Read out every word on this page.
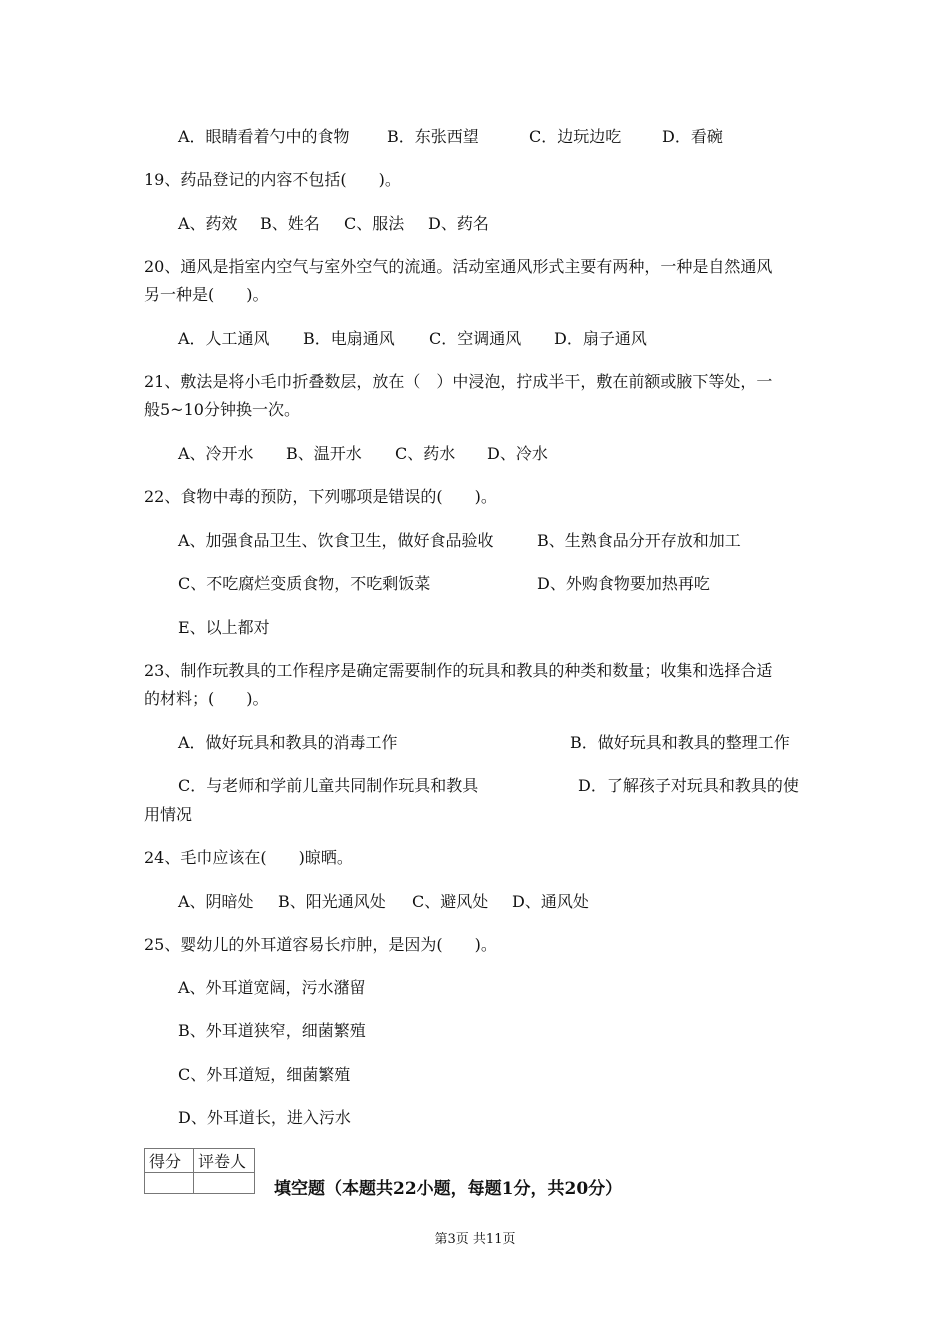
A．眼睛看着勺中的食物 B．东张西望	C．边玩边吃	D．看碗
19、药品登记的内容不包括(　　)。
A、药效 B、姓名 C、服法 D、药名
20、通风是指室内空气与室外空气的流通。活动室通风形式主要有两种，一种是自然通风
另一种是(　　)。
A．人工通风 B．电扇通风 C．空调通风 D．扇子通风
21、敷法是将小毛巾折叠数层，放在（　）中浸泡，拧成半干，敷在前额或腋下等处，一
般5~10分钟换一次。
A、冷开水 B、温开水 C、药水 D、冷水
22、食物中毒的预防，下列哪项是错误的(　　)。
A、加强食品卫生、饮食卫生，做好食品验收	B、生熟食品分开存放和加工
C、不吃腐烂变质食物，不吃剩饭菜	D、外购食物要加热再吃
E、以上都对
23、制作玩教具的工作程序是确定需要制作的玩具和教具的种类和数量；收集和选择合适
的材料；(　　)。
A．做好玩具和教具的消毒工作	B．做好玩具和教具的整理工作
C．与老师和学前儿童共同制作玩具和教具	D．了解孩子对玩具和教具的使
用情况
24、毛巾应该在(　　)晾晒。
A、阴暗处 B、阳光通风处 C、避风处 D、通风处
25、婴幼儿的外耳道容易长疖肿，是因为(　　)。
A、外耳道宽阔，污水潴留
B、外耳道狭窄，细菌繁殖
C、外耳道短，细菌繁殖
D、外耳道长，进入污水
得分	评卷人

填空题（本题共22小题，每题1分，共20分）
第3页 共11页
